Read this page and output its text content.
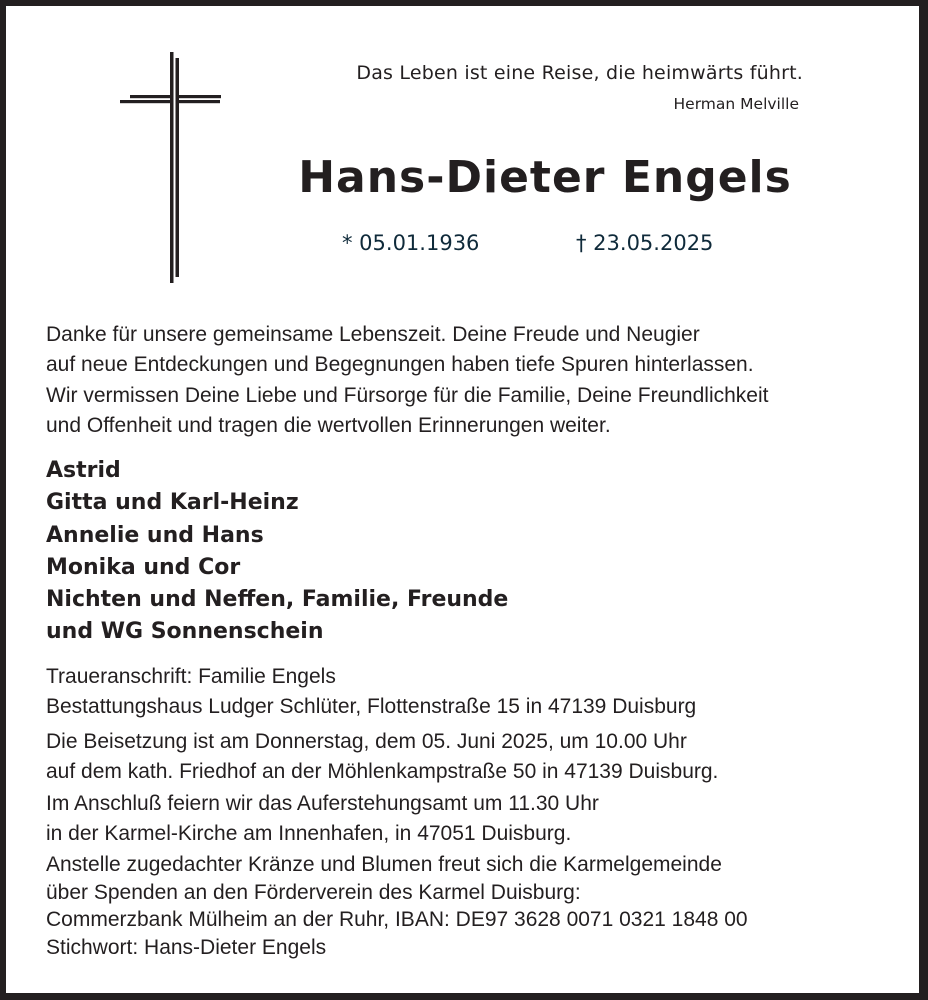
Das Leben ist eine Reise, die heimwärts führt.
Herman Melville
Hans-Dieter Engels
* 05.01.1936	† 23.05.2025
Danke für unsere gemeinsame Lebenszeit. Deine Freude und Neugier
auf neue Entdeckungen und Begegnungen haben tiefe Spuren hinterlassen.
Wir vermissen Deine Liebe und Fürsorge für die Familie, Deine Freundlichkeit
und Offenheit und tragen die wertvollen Erinnerungen weiter.
Astrid
Gitta und Karl-Heinz
Annelie und Hans
Monika und Cor
Nichten und Neffen, Familie, Freunde
und WG Sonnenschein
Traueranschrift: Familie Engels
Bestattungshaus Ludger Schlüter, Flottenstraße 15 in 47139 Duisburg
Die Beisetzung ist am Donnerstag, dem 05. Juni 2025, um 10.00 Uhr
auf dem kath. Friedhof an der Möhlenkampstraße 50 in 47139 Duisburg.
Im Anschluß feiern wir das Auferstehungsamt um 11.30 Uhr
in der Karmel-Kirche am Innenhafen, in 47051 Duisburg.
Anstelle zugedachter Kränze und Blumen freut sich die Karmelgemeinde
über Spenden an den Förderverein des Karmel Duisburg:
Commerzbank Mülheim an der Ruhr, IBAN: DE97 3628 0071 0321 1848 00
Stichwort: Hans-Dieter Engels
